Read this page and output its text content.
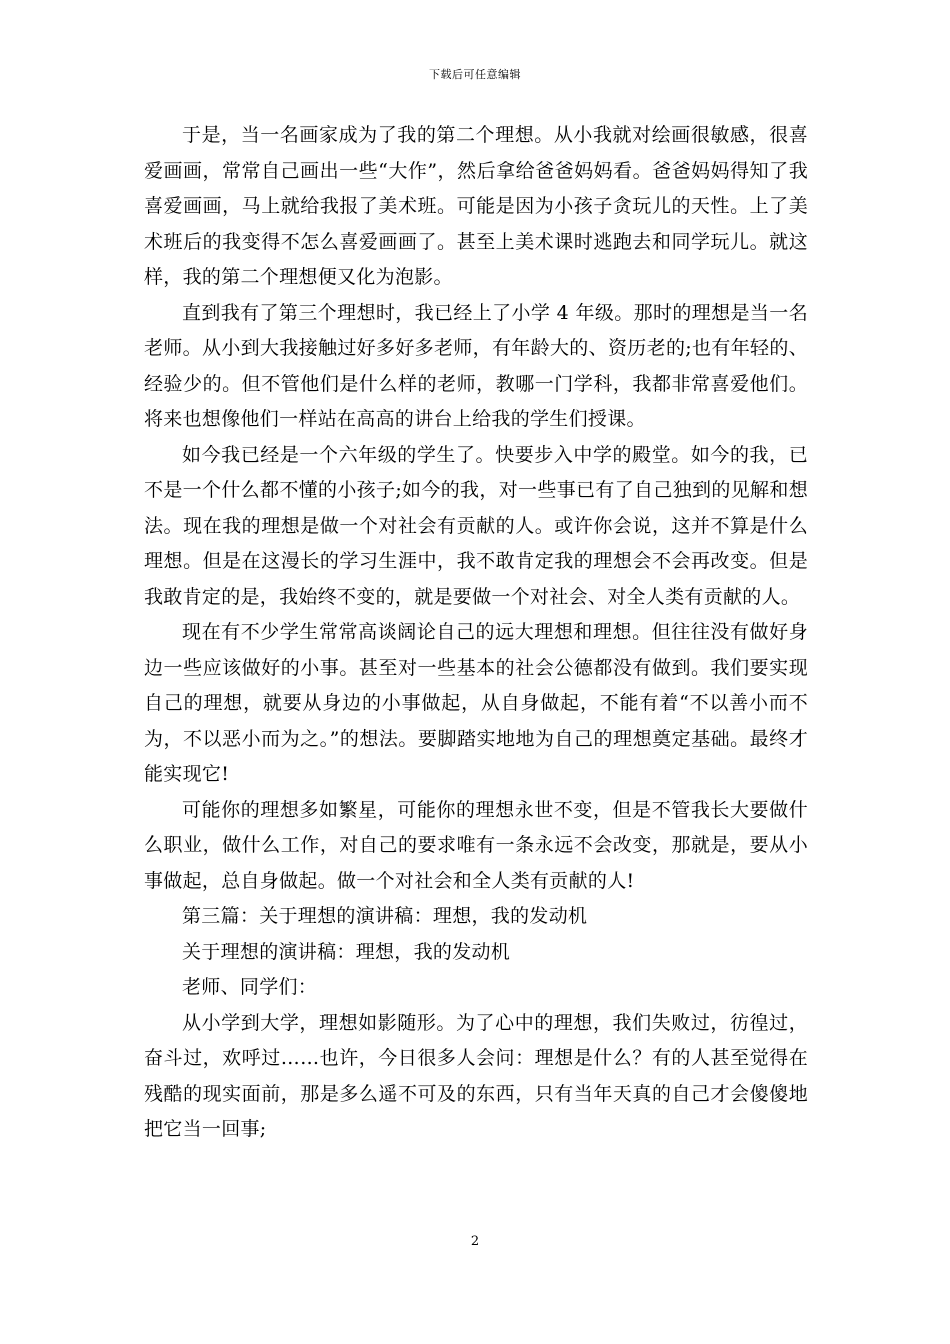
下载后可任意编辑

于是，当一名画家成为了我的第二个理想。从小我就对绘画很敏感，很喜爱画画，常常自己画出一些“大作”，然后拿给爸爸妈妈看。爸爸妈妈得知了我喜爱画画，马上就给我报了美术班。可能是因为小孩子贪玩儿的天性。上了美术班后的我变得不怎么喜爱画画了。甚至上美术课时逃跑去和同学玩儿。就这样，我的第二个理想便又化为泡影。

直到我有了第三个理想时，我已经上了小学 4 年级。那时的理想是当一名老师。从小到大我接触过好多好多老师，有年龄大的、资历老的;也有年轻的、经验少的。但不管他们是什么样的老师，教哪一门学科，我都非常喜爱他们。将来也想像他们一样站在高高的讲台上给我的学生们授课。

如今我已经是一个六年级的学生了。快要步入中学的殿堂。如今的我，已不是一个什么都不懂的小孩子;如今的我，对一些事已有了自己独到的见解和想法。现在我的理想是做一个对社会有贡献的人。或许你会说，这并不算是什么理想。但是在这漫长的学习生涯中，我不敢肯定我的理想会不会再改变。但是我敢肯定的是，我始终不变的，就是要做一个对社会、对全人类有贡献的人。

现在有不少学生常常高谈阔论自己的远大理想和理想。但往往没有做好身边一些应该做好的小事。甚至对一些基本的社会公德都没有做到。我们要实现自己的理想，就要从身边的小事做起，从自身做起，不能有着“不以善小而不为，不以恶小而为之。”的想法。要脚踏实地地为自己的理想奠定基础。最终才能实现它!

可能你的理想多如繁星，可能你的理想永世不变，但是不管我长大要做什么职业，做什么工作，对自己的要求唯有一条永远不会改变，那就是，要从小事做起，总自身做起。做一个对社会和全人类有贡献的人!

第三篇：关于理想的演讲稿：理想，我的发动机

关于理想的演讲稿：理想，我的发动机

老师、同学们：

从小学到大学，理想如影随形。为了心中的理想，我们失败过，彷徨过，奋斗过，欢呼过……也许，今日很多人会问：理想是什么？有的人甚至觉得在残酷的现实面前，那是多么遥不可及的东西，只有当年天真的自己才会傻傻地把它当一回事;

2
